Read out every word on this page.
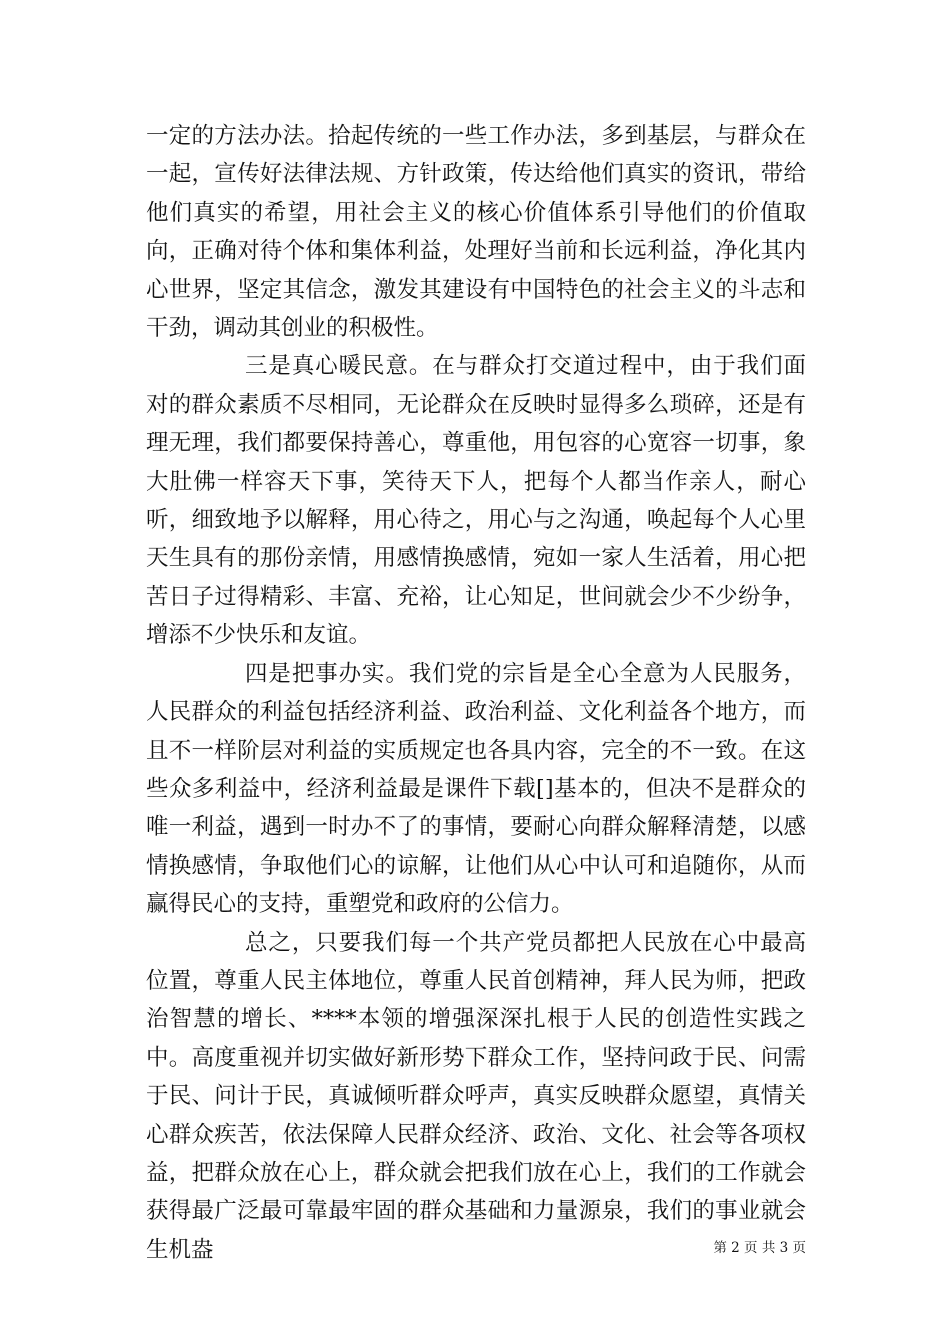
一定的方法办法。拾起传统的一些工作办法，多到基层，与群众在一起，宣传好法律法规、方针政策，传达给他们真实的资讯，带给他们真实的希望，用社会主义的核心价值体系引导他们的价值取向，正确对待个体和集体利益，处理好当前和长远利益，净化其内心世界，坚定其信念，激发其建设有中国特色的社会主义的斗志和干劲，调动其创业的积极性。

三是真心暖民意。在与群众打交道过程中，由于我们面对的群众素质不尽相同，无论群众在反映时显得多么琐碎，还是有理无理，我们都要保持善心，尊重他，用包容的心宽容一切事，象大肚佛一样容天下事，笑待天下人，把每个人都当作亲人，耐心听，细致地予以解释，用心待之，用心与之沟通，唤起每个人心里天生具有的那份亲情，用感情换感情，宛如一家人生活着，用心把苦日子过得精彩、丰富、充裕，让心知足，世间就会少不少纷争，增添不少快乐和友谊。

四是把事办实。我们党的宗旨是全心全意为人民服务，人民群众的利益包括经济利益、政治利益、文化利益各个地方，而且不一样阶层对利益的实质规定也各具内容，完全的不一致。在这些众多利益中，经济利益最是课件下载[]基本的，但决不是群众的唯一利益，遇到一时办不了的事情，要耐心向群众解释清楚，以感情换感情，争取他们心的谅解，让他们从心中认可和追随你，从而赢得民心的支持，重塑党和政府的公信力。

总之，只要我们每一个共产党员都把人民放在心中最高位置，尊重人民主体地位，尊重人民首创精神，拜人民为师，把政治智慧的增长、****本领的增强深深扎根于人民的创造性实践之中。高度重视并切实做好新形势下群众工作，坚持问政于民、问需于民、问计于民，真诚倾听群众呼声，真实反映群众愿望，真情关心群众疾苦，依法保障人民群众经济、政治、文化、社会等各项权益，把群众放在心上，群众就会把我们放在心上，我们的工作就会获得最广泛最可靠最牢固的群众基础和力量源泉，我们的事业就会生机盎	第 2 页 共 3 页
